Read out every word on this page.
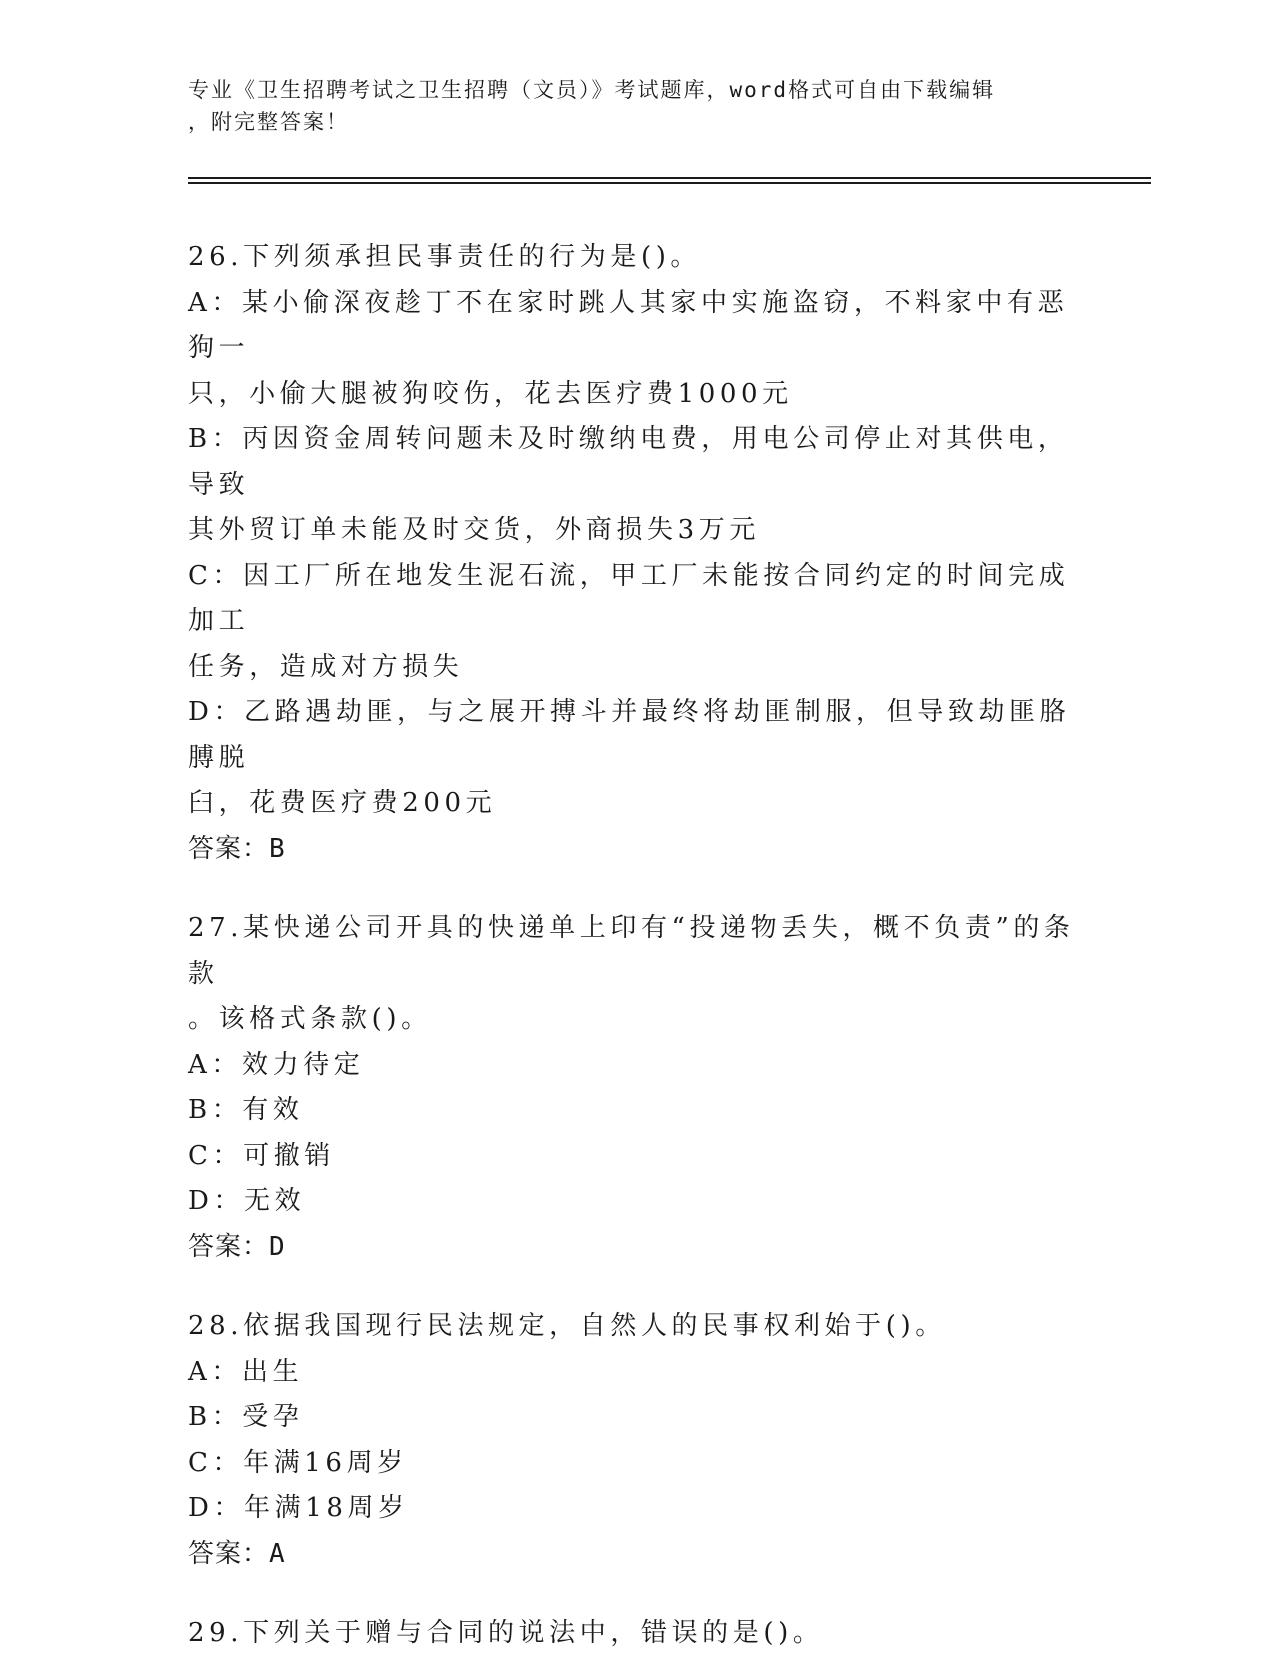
专业《卫生招聘考试之卫生招聘（文员）》考试题库，word格式可自由下载编辑
，附完整答案！
26.下列须承担民事责任的行为是()。
A：某小偷深夜趁丁不在家时跳人其家中实施盗窃，不料家中有恶狗一
只，小偷大腿被狗咬伤，花去医疗费1000元
B：丙因资金周转问题未及时缴纳电费，用电公司停止对其供电，导致
其外贸订单未能及时交货，外商损失3万元
C：因工厂所在地发生泥石流，甲工厂未能按合同约定的时间完成加工
任务，造成对方损失
D：乙路遇劫匪，与之展开搏斗并最终将劫匪制服，但导致劫匪胳膊脱
臼，花费医疗费200元
答案：B
27.某快递公司开具的快递单上印有“投递物丢失，概不负责”的条款
。该格式条款()。
A：效力待定
B：有效
C：可撤销
D：无效
答案：D
28.依据我国现行民法规定，自然人的民事权利始于()。
A：出生
B：受孕
C：年满16周岁
D：年满18周岁
答案：A
29.下列关于赠与合同的说法中，错误的是()。
